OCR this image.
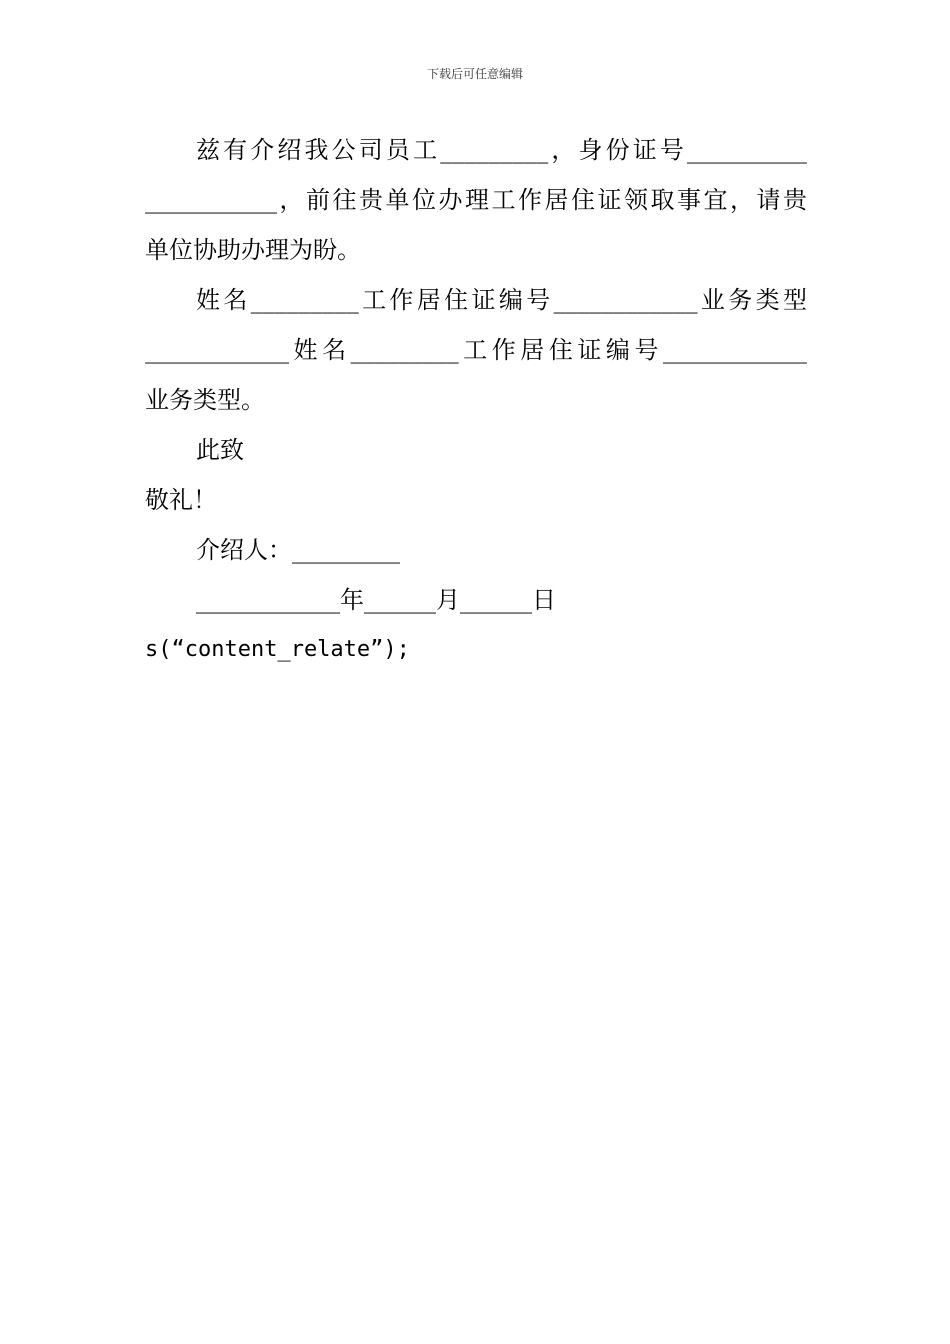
下载后可任意编辑
兹有介绍我公司员工_________，身份证号__________
___________，前往贵单位办理工作居住证领取事宜，请贵
单位协助办理为盼。
姓名_________工作居住证编号____________业务类型
____________姓名_________工作居住证编号____________
业务类型。
此致
敬礼！
介绍人：_________
____________年______月______日
s(“content_relate”);
